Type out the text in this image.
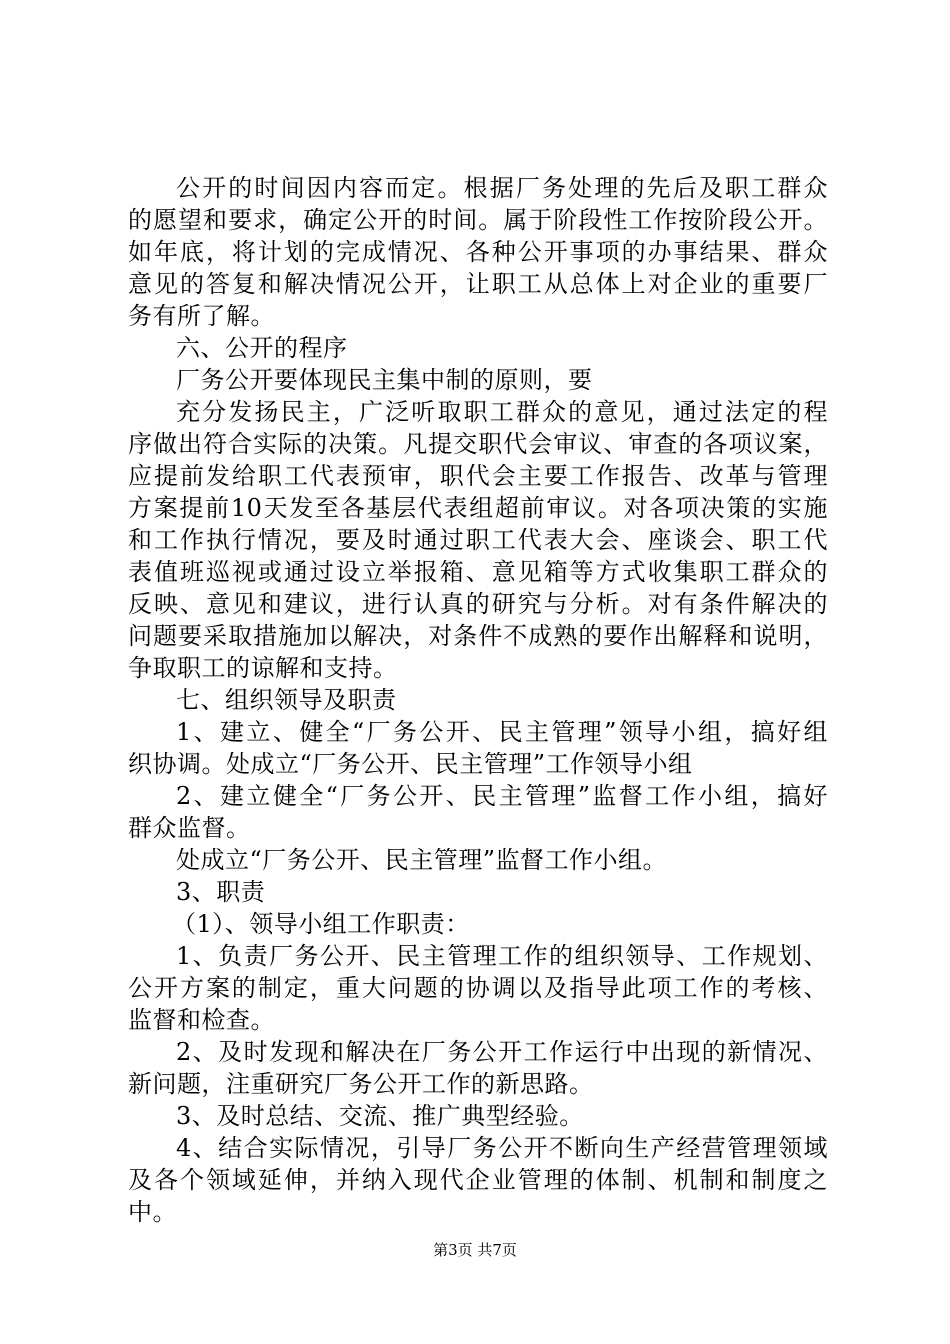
公开的时间因内容而定。根据厂务处理的先后及职工群众
的愿望和要求，确定公开的时间。属于阶段性工作按阶段公开。
如年底，将计划的完成情况、各种公开事项的办事结果、群众
意见的答复和解决情况公开，让职工从总体上对企业的重要厂
务有所了解。
六、公开的程序
厂务公开要体现民主集中制的原则，要
充分发扬民主，广泛听取职工群众的意见，通过法定的程
序做出符合实际的决策。凡提交职代会审议、审查的各项议案，
应提前发给职工代表预审，职代会主要工作报告、改革与管理
方案提前10天发至各基层代表组超前审议。对各项决策的实施
和工作执行情况，要及时通过职工代表大会、座谈会、职工代
表值班巡视或通过设立举报箱、意见箱等方式收集职工群众的
反映、意见和建议，进行认真的研究与分析。对有条件解决的
问题要采取措施加以解决，对条件不成熟的要作出解释和说明，
争取职工的谅解和支持。
七、组织领导及职责
1、建立、健全“厂务公开、民主管理”领导小组，搞好组
织协调。处成立“厂务公开、民主管理”工作领导小组
2、建立健全“厂务公开、民主管理”监督工作小组，搞好
群众监督。
处成立“厂务公开、民主管理”监督工作小组。
3、职责
（1）、领导小组工作职责：
1、负责厂务公开、民主管理工作的组织领导、工作规划、
公开方案的制定，重大问题的协调以及指导此项工作的考核、
监督和检查。
2、及时发现和解决在厂务公开工作运行中出现的新情况、
新问题，注重研究厂务公开工作的新思路。
3、及时总结、交流、推广典型经验。
4、结合实际情况，引导厂务公开不断向生产经营管理领域
及各个领域延伸，并纳入现代企业管理的体制、机制和制度之
中。
第3页 共7页
